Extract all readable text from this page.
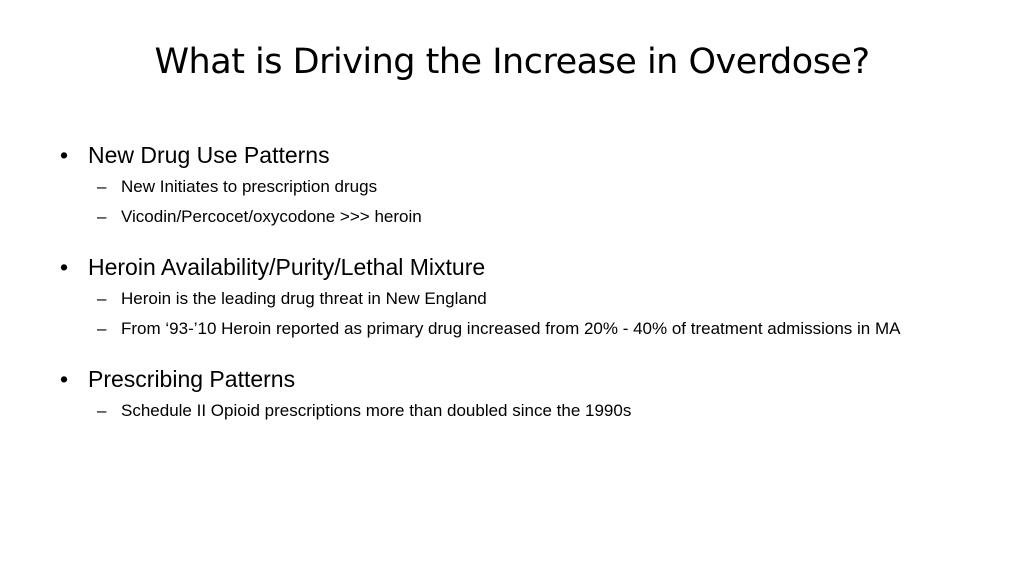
What is Driving the Increase in Overdose?
• New Drug Use Patterns
– New Initiates to prescription drugs
– Vicodin/Percocet/oxycodone >>> heroin
• Heroin Availability/Purity/Lethal Mixture
– Heroin is the leading drug threat in New England
– From ‘93-’10 Heroin reported as primary drug increased from 20% - 40% of treatment admissions in MA
• Prescribing Patterns
– Schedule II Opioid prescriptions more than doubled since the 1990s
